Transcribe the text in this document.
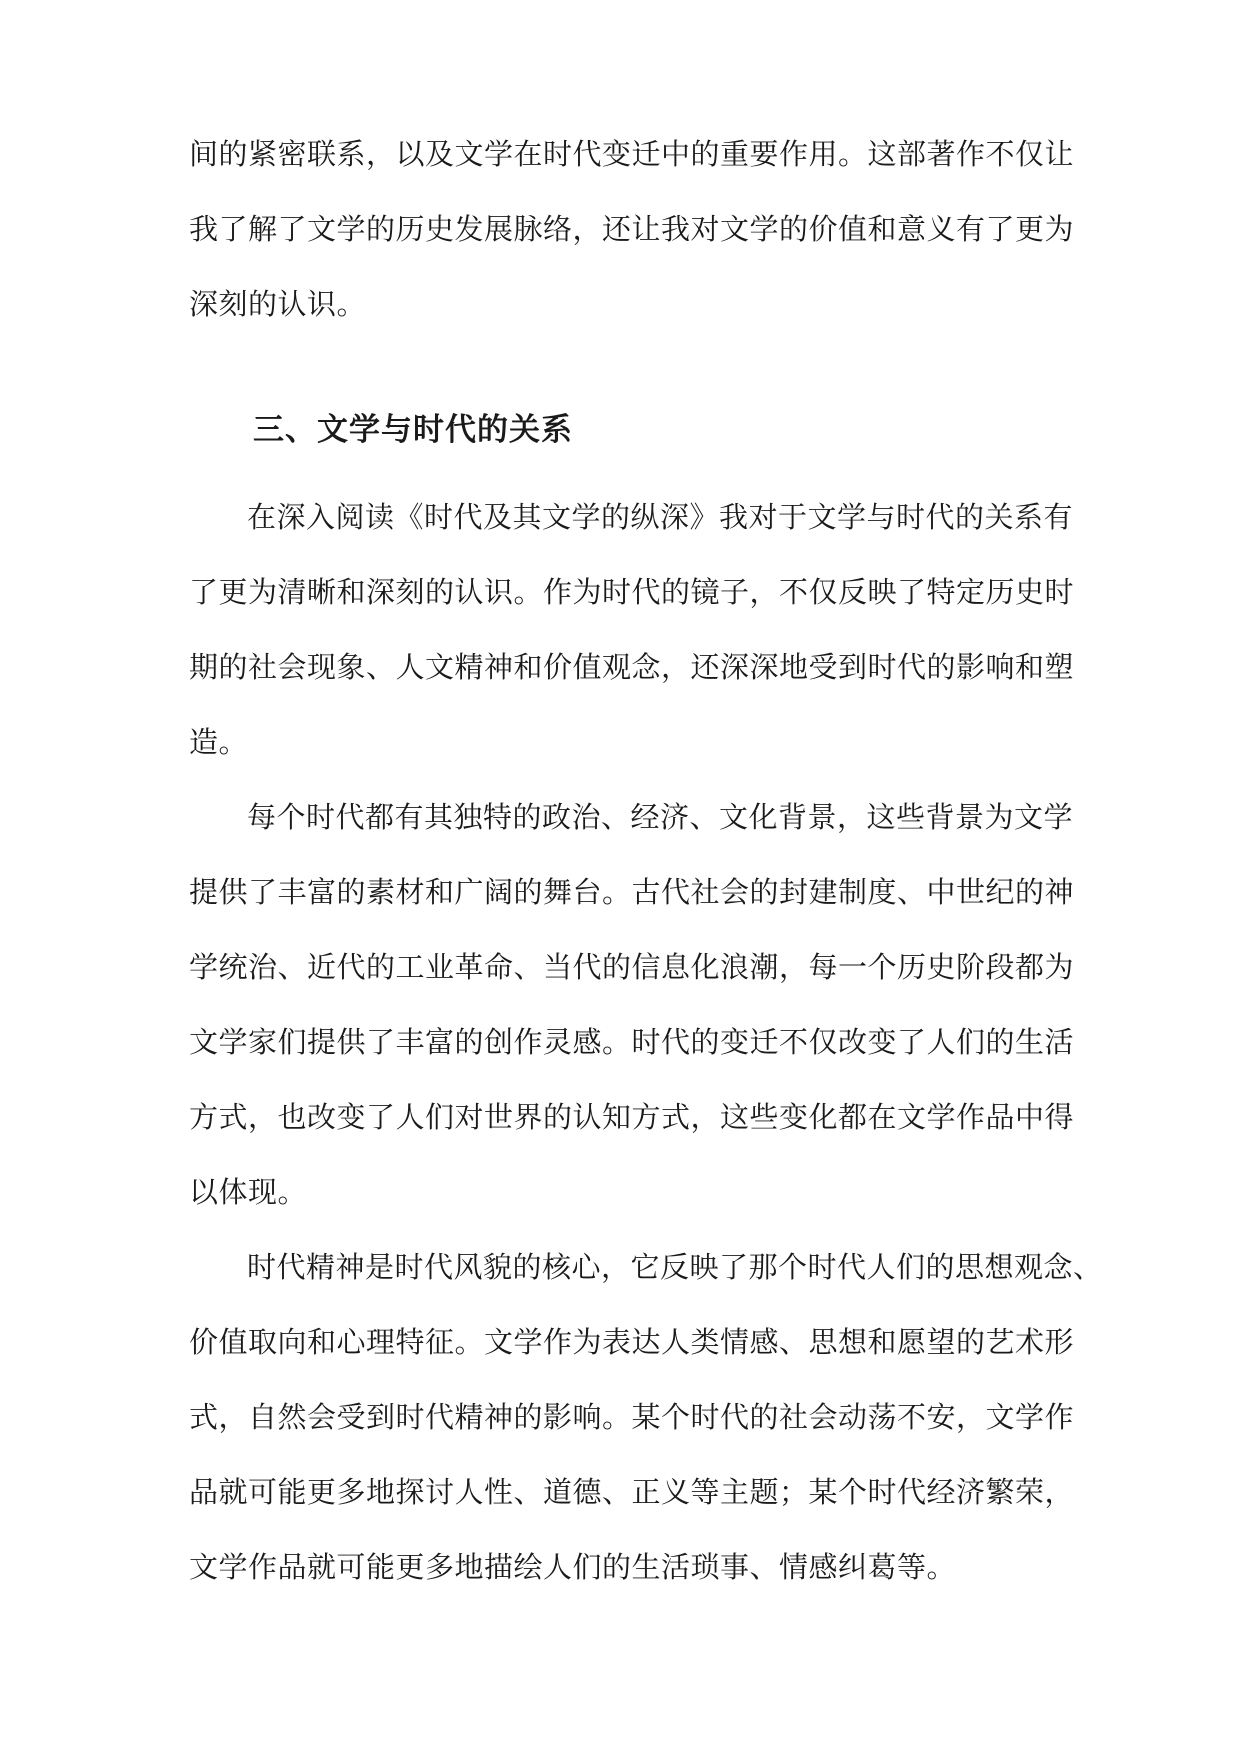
间的紧密联系，以及文学在时代变迁中的重要作用。这部著作不仅让
我了解了文学的历史发展脉络，还让我对文学的价值和意义有了更为
深刻的认识。
三、文学与时代的关系
在深入阅读《时代及其文学的纵深》我对于文学与时代的关系有
了更为清晰和深刻的认识。作为时代的镜子，不仅反映了特定历史时
期的社会现象、人文精神和价值观念，还深深地受到时代的影响和塑
造。
每个时代都有其独特的政治、经济、文化背景，这些背景为文学
提供了丰富的素材和广阔的舞台。古代社会的封建制度、中世纪的神
学统治、近代的工业革命、当代的信息化浪潮，每一个历史阶段都为
文学家们提供了丰富的创作灵感。时代的变迁不仅改变了人们的生活
方式，也改变了人们对世界的认知方式，这些变化都在文学作品中得
以体现。
时代精神是时代风貌的核心，它反映了那个时代人们的思想观念、
价值取向和心理特征。文学作为表达人类情感、思想和愿望的艺术形
式，自然会受到时代精神的影响。某个时代的社会动荡不安，文学作
品就可能更多地探讨人性、道德、正义等主题；某个时代经济繁荣，
文学作品就可能更多地描绘人们的生活琐事、情感纠葛等。
